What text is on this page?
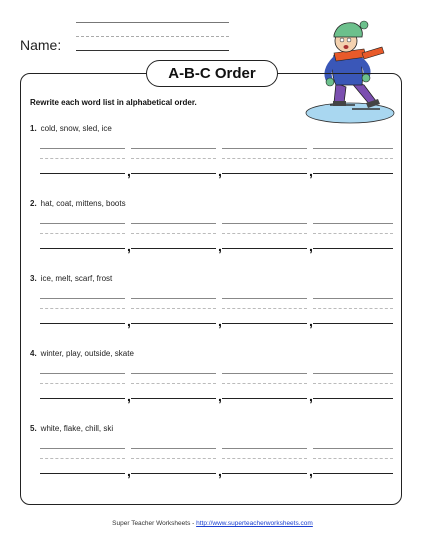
Name:
A-B-C Order
Rewrite each word list in alphabetical order.
1. cold, snow, sled, ice
,	,	,
2. hat, coat, mittens, boots
,	,	,
3. ice, melt, scarf, frost
,	,	,
4. winter, play, outside, skate
,	,	,
5. white, flake, chill, ski
,	,	,
Super Teacher Worksheets - http://www.superteacherworksheets.com
